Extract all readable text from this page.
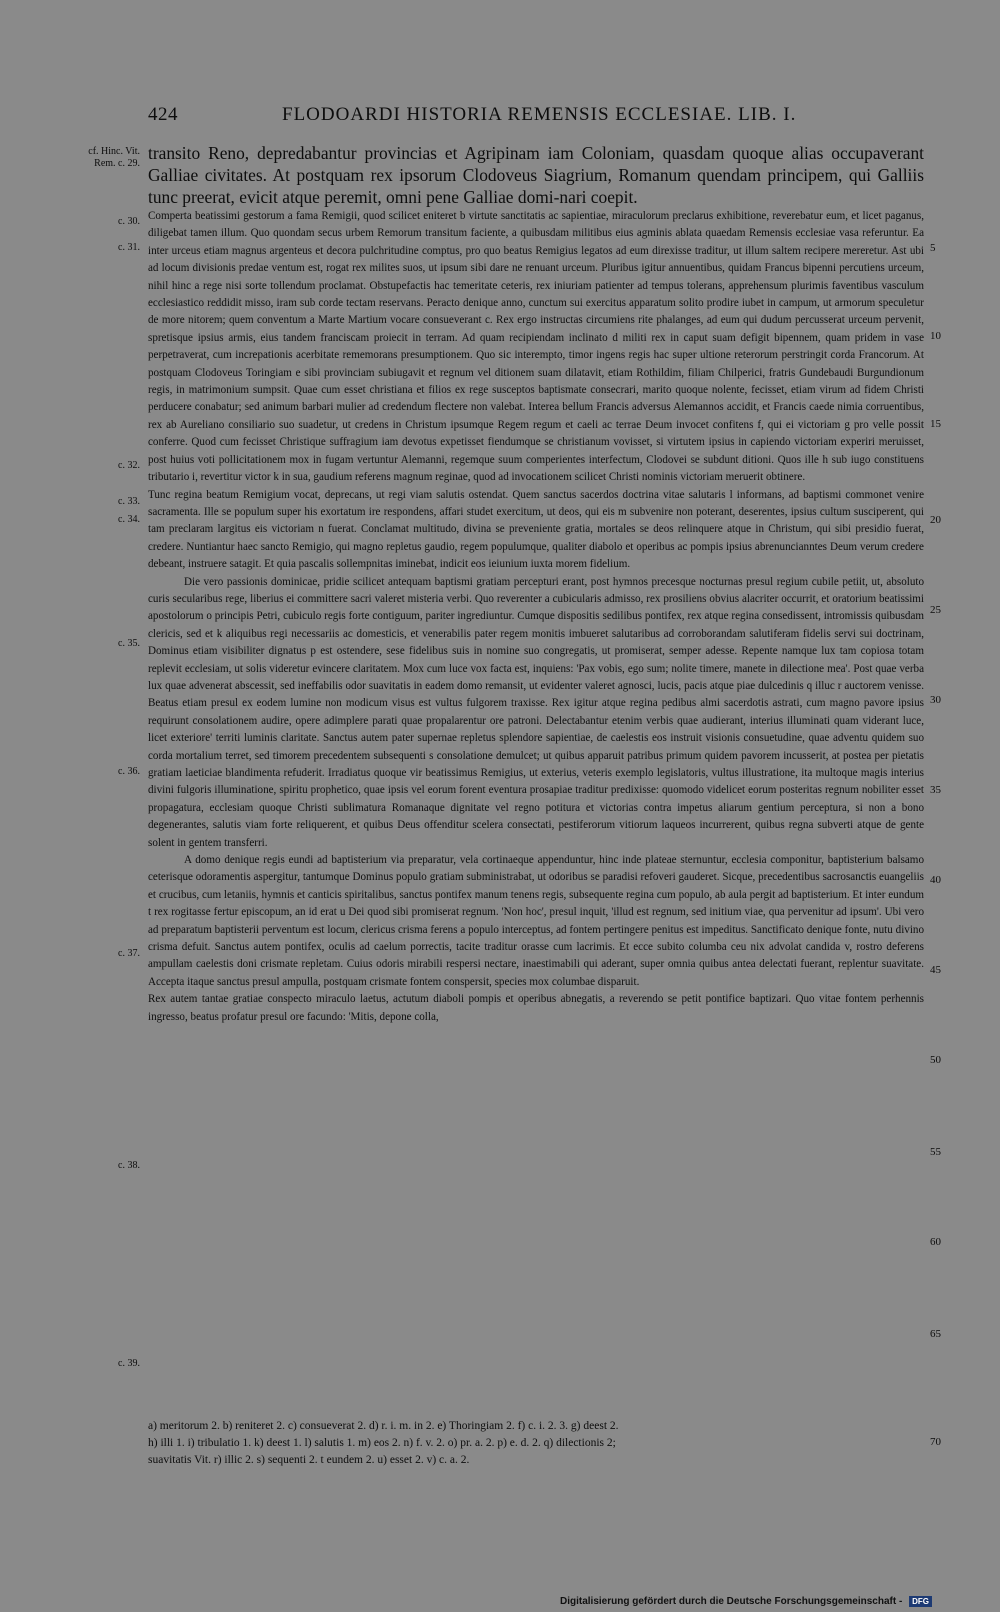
424	FLODOARDI HISTORIA REMENSIS ECCLESIAE. LIB. I.
cf. Hinc. Vit.
Rem. c. 29.
c. 30.
c. 31.
c. 32.
c. 33.
c. 34.
c. 35.
c. 36.
c. 37.
c. 38.
c. 39.
5
10
15
20
25
30
35
40
45
50
55
60
65
70

transito Reno, depredabantur provincias et Agripinam iam Coloniam, quasdam quoque alias occupaverant Galliae civitates. At postquam rex ipsorum Clodoveus Siagrium, Romanum quendam principem, qui Galliis tunc preerat, evicit atque peremit, omni pene Galliae domi-nari coepit.

Comperta beatissimi gestorum a fama Remigii, quod scilicet eniteret b virtute sanctitatis ac sapientiae, miraculorum preclarus exhibitione, reverebatur eum, et licet paganus, diligebat tamen illum. Quo quondam secus urbem Remorum transitum faciente, a quibusdam militibus eius agminis ablata quaedam Remensis ecclesiae vasa referuntur. Ea inter urceus etiam magnus argenteus et decora pulchritudine comptus, pro quo beatus Remigius legatos ad eum direxisse traditur, ut illum saltem recipere mereretur. Ast ubi ad locum divisionis predae ventum est, rogat rex milites suos, ut ipsum sibi dare ne renuant urceum. Pluribus igitur annuentibus, quidam Francus bipenni percutiens urceum, nihil hinc a rege nisi sorte tollendum proclamat. Obstupefactis hac temeritate ceteris, rex iniuriam patienter ad tempus tolerans, apprehensum plurimis faventibus vasculum ecclesiastico reddidit misso, iram sub corde tectam reservans. Peracto denique anno, cunctum sui exercitus apparatum solito prodire iubet in campum, ut armorum speculetur de more nitorem; quem conventum a Marte Martium vocare consueverant c. Rex ergo instructas circumiens rite phalanges, ad eum qui dudum percusserat urceum pervenit, spretisque ipsius armis, eius tandem franciscam proiecit in terram. Ad quam recipiendam inclinato d militi rex in caput suam defigit bipennem, quam pridem in vase perpetraverat, cum increpationis acerbitate rememorans presumptionem. Quo sic interempto, timor ingens regis hac super ultione reterorum perstringit corda Francorum. At postquam Clodoveus Toringiam e sibi provinciam subiugavit et regnum vel ditionem suam dilatavit, etiam Rothildim, filiam Chilperici, fratris Gundebaudi Burgundionum regis, in matrimonium sumpsit. Quae cum esset christiana et filios ex rege susceptos baptismate consecrari, marito quoque nolente, fecisset, etiam virum ad fidem Christi perducere conabatur; sed animum barbari mulier ad credendum flectere non valebat. Interea bellum Francis adversus Alemannos accidit, et Francis caede nimia corruentibus, rex ab Aureliano consiliario suo suadetur, ut credens in Christum ipsumque Regem regum et caeli ac terrae Deum invocet confitens f, qui ei victoriam g pro velle possit conferre. Quod cum fecisset Christique suffragium iam devotus expetisset fiendumque se christianum vovisset, si virtutem ipsius in capiendo victoriam experiri meruisset, post huius voti pollicitationem mox in fugam vertuntur Alemanni, regemque suum comperientes interfectum, Clodovei se subdunt ditioni. Quos ille h sub iugo constituens tributario i, revertitur victor k in sua, gaudium referens magnum reginae, quod ad invocationem scilicet Christi nominis victoriam meruerit obtinere.

Tunc regina beatum Remigium vocat, deprecans, ut regi viam salutis ostendat. Quem sanctus sacerdos doctrina vitae salutaris l informans, ad baptismi commonet venire sacramenta. Ille se populum super his exortatum ire respondens, affari studet exercitum, ut deos, qui eis m subvenire non poterant, deserentes, ipsius cultum susciperent, qui tam preclaram largitus eis victoriam n fuerat. Conclamat multitudo, divina se preveniente gratia, mortales se deos relinquere atque in Christum, qui sibi presidio fuerat, credere. Nuntiantur haec sancto Remigio, qui magno repletus gaudio, regem populumque, qualiter diabolo et operibus ac pompis ipsius abrenuncianntes Deum verum credere debeant, instruere satagit. Et quia pascalis sollempnitas iminebat, indicit eos ieiunium iuxta morem fidelium.

Die vero passionis dominicae, pridie scilicet antequam baptismi gratiam percepturi erant, post hymnos precesque nocturnas presul regium cubile petiit, ut, absoluto curis secularibus rege, liberius ei committere sacri valeret misteria verbi. Quo reverenter a cubicularis admisso, rex prosiliens obvius alacriter occurrit, et oratorium beatissimi apostolorum o principis Petri, cubiculo regis forte contiguum, pariter ingrediuntur. Cumque dispositis sedilibus pontifex, rex atque regina consedissent, intromissis quibusdam clericis, sed et k aliquibus regi necessariis ac domesticis, et venerabilis pater regem monitis imbueret salutaribus ad corroborandam salutiferam fidelis servi sui doctrinam, Dominus etiam visibiliter dignatus p est ostendere, sese fidelibus suis in nomine suo congregatis, ut promiserat, semper adesse. Repente namque lux tam copiosa totam replevit ecclesiam, ut solis videretur evincere claritatem. Mox cum luce vox facta est, inquiens: 'Pax vobis, ego sum; nolite timere, manete in dilectione mea'. Post quae verba lux quae advenerat abscessit, sed ineffabilis odor suavitatis in eadem domo remansit, ut evidenter valeret agnosci, lucis, pacis atque piae dulcedinis q illuc r auctorem venisse. Beatus etiam presul ex eodem lumine non modicum visus est vultus fulgorem traxisse. Rex igitur atque regina pedibus almi sacerdotis astrati, cum magno pavore ipsius requirunt consolationem audire, opere adimplere parati quae propalarentur ore patroni. Delectabantur etenim verbis quae audierant, interius illuminati quam viderant luce, licet exteriore' territi luminis claritate. Sanctus autem pater supernae repletus splendore sapientiae, de caelestis eos instruit visionis consuetudine, quae adventu quidem suo corda mortalium terret, sed timorem precedentem subsequenti s consolatione demulcet; ut quibus apparuit patribus primum quidem pavorem incusserit, at postea per pietatis gratiam laeticiae blandimenta refuderit. Irradiatus quoque vir beatissimus Remigius, ut exterius, veteris exemplo legislatoris, vultus illustratione, ita multoque magis interius divini fulgoris illuminatione, spiritu prophetico, quae ipsis vel eorum forent eventura prosapiae traditur predixisse: quomodo videlicet eorum posteritas regnum nobiliter esset propagatura, ecclesiam quoque Christi sublimatura Romanaque dignitate vel regno potitura et victorias contra impetus aliarum gentium perceptura, si non a bono degenerantes, salutis viam forte reliquerent, et quibus Deus offenditur scelera consectati, pestiferorum vitiorum laqueos incurrerent, quibus regna subverti atque de gente solent in gentem transferri.

A domo denique regis eundi ad baptisterium via preparatur, vela cortinaeque appenduntur, hinc inde plateae sternuntur, ecclesia componitur, baptisterium balsamo ceterisque odoramentis aspergitur, tantumque Dominus populo gratiam subministrabat, ut odoribus se paradisi refoveri gauderet. Sicque, precedentibus sacrosanctis euangeliis et crucibus, cum letaniis, hymnis et canticis spiritalibus, sanctus pontifex manum tenens regis, subsequente regina cum populo, ab aula pergit ad baptisterium. Et inter eundum t rex rogitasse fertur episcopum, an id erat u Dei quod sibi promiserat regnum. 'Non hoc', presul inquit, 'illud est regnum, sed initium viae, qua pervenitur ad ipsum'. Ubi vero ad preparatum baptisterii perventum est locum, clericus crisma ferens a populo interceptus, ad fontem pertingere penitus est impeditus. Sanctificato denique fonte, nutu divino crisma defuit. Sanctus autem pontifex, oculis ad caelum porrectis, tacite traditur orasse cum lacrimis. Et ecce subito columba ceu nix advolat candida v, rostro deferens ampullam caelestis doni crismate repletam. Cuius odoris mirabili respersi nectare, inaestimabili qui aderant, super omnia quibus antea delectati fuerant, replentur suavitate. Accepta itaque sanctus presul ampulla, postquam crismate fontem conspersit, species mox columbae disparuit.

Rex autem tantae gratiae conspecto miraculo laetus, actutum diaboli pompis et operibus abnegatis, a reverendo se petit pontifice baptizari. Quo vitae fontem perhennis ingresso, beatus profatur presul ore facundo: 'Mitis, depone colla,

a) meritorum 2. b) reniteret 2. c) consueverat 2. d) r. i. m. in 2. e) Thoringiam 2. f) c. i. 2. 3. g) deest 2.
h) illi 1. i) tribulatio 1. k) deest 1. l) salutis 1. m) eos 2. n) f. v. 2. o) pr. a. 2. p) e. d. 2. q) dilectionis 2;
suavitatis Vit. r) illic 2. s) sequenti 2. t eundem 2. u) esset 2. v) c. a. 2.
Digitalisierung gefördert durch die Deutsche Forschungsgemeinschaft - DFG
